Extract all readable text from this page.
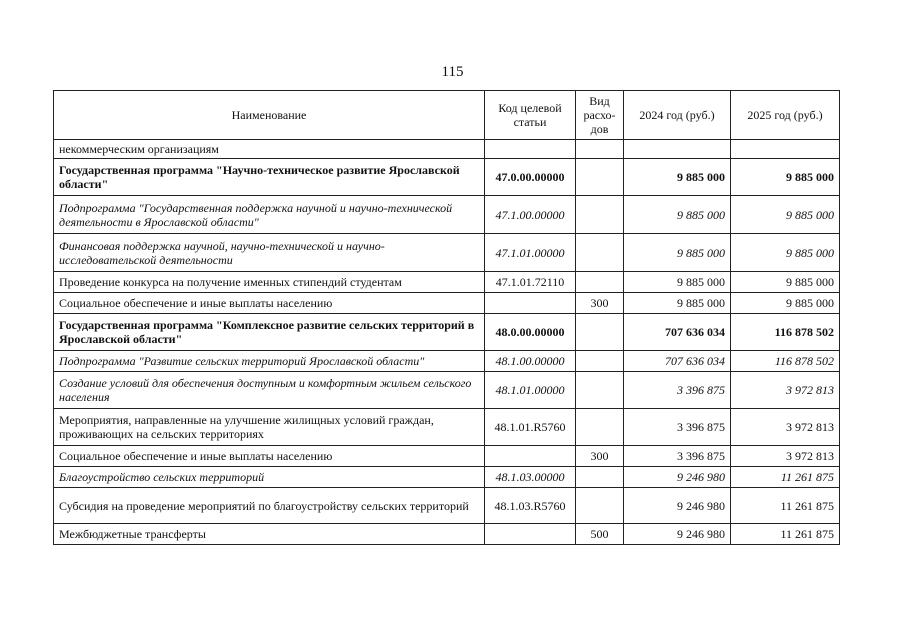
115
Наименование	Код целевой статьи	Вид расхо-дов	2024 год (руб.)	2025 год (руб.)
некоммерческим организациям				
Государственная программа "Научно-техническое развитие Ярославской области"	47.0.00.00000		9 885 000	9 885 000
Подпрограмма "Государственная поддержка научной и научно-технической деятельности в Ярославской области"	47.1.00.00000		9 885 000	9 885 000
Финансовая поддержка научной, научно-технической и научно-исследовательской деятельности	47.1.01.00000		9 885 000	9 885 000
Проведение конкурса на получение именных стипендий студентам	47.1.01.72110		9 885 000	9 885 000
Социальное обеспечение и иные выплаты населению		300	9 885 000	9 885 000
Государственная программа "Комплексное развитие сельских территорий в Ярославской области"	48.0.00.00000		707 636 034	116 878 502
Подпрограмма "Развитие сельских территорий Ярославской области"	48.1.00.00000		707 636 034	116 878 502
Создание условий для обеспечения доступным и комфортным жильем сельского населения	48.1.01.00000		3 396 875	3 972 813
Мероприятия, направленные на улучшение жилищных условий граждан, проживающих на сельских территориях	48.1.01.R5760		3 396 875	3 972 813
Социальное обеспечение и иные выплаты населению		300	3 396 875	3 972 813
Благоустройство сельских территорий	48.1.03.00000		9 246 980	11 261 875
Субсидия на проведение мероприятий по благоустройству сельских территорий	48.1.03.R5760		9 246 980	11 261 875
Межбюджетные трансферты		500	9 246 980	11 261 875
